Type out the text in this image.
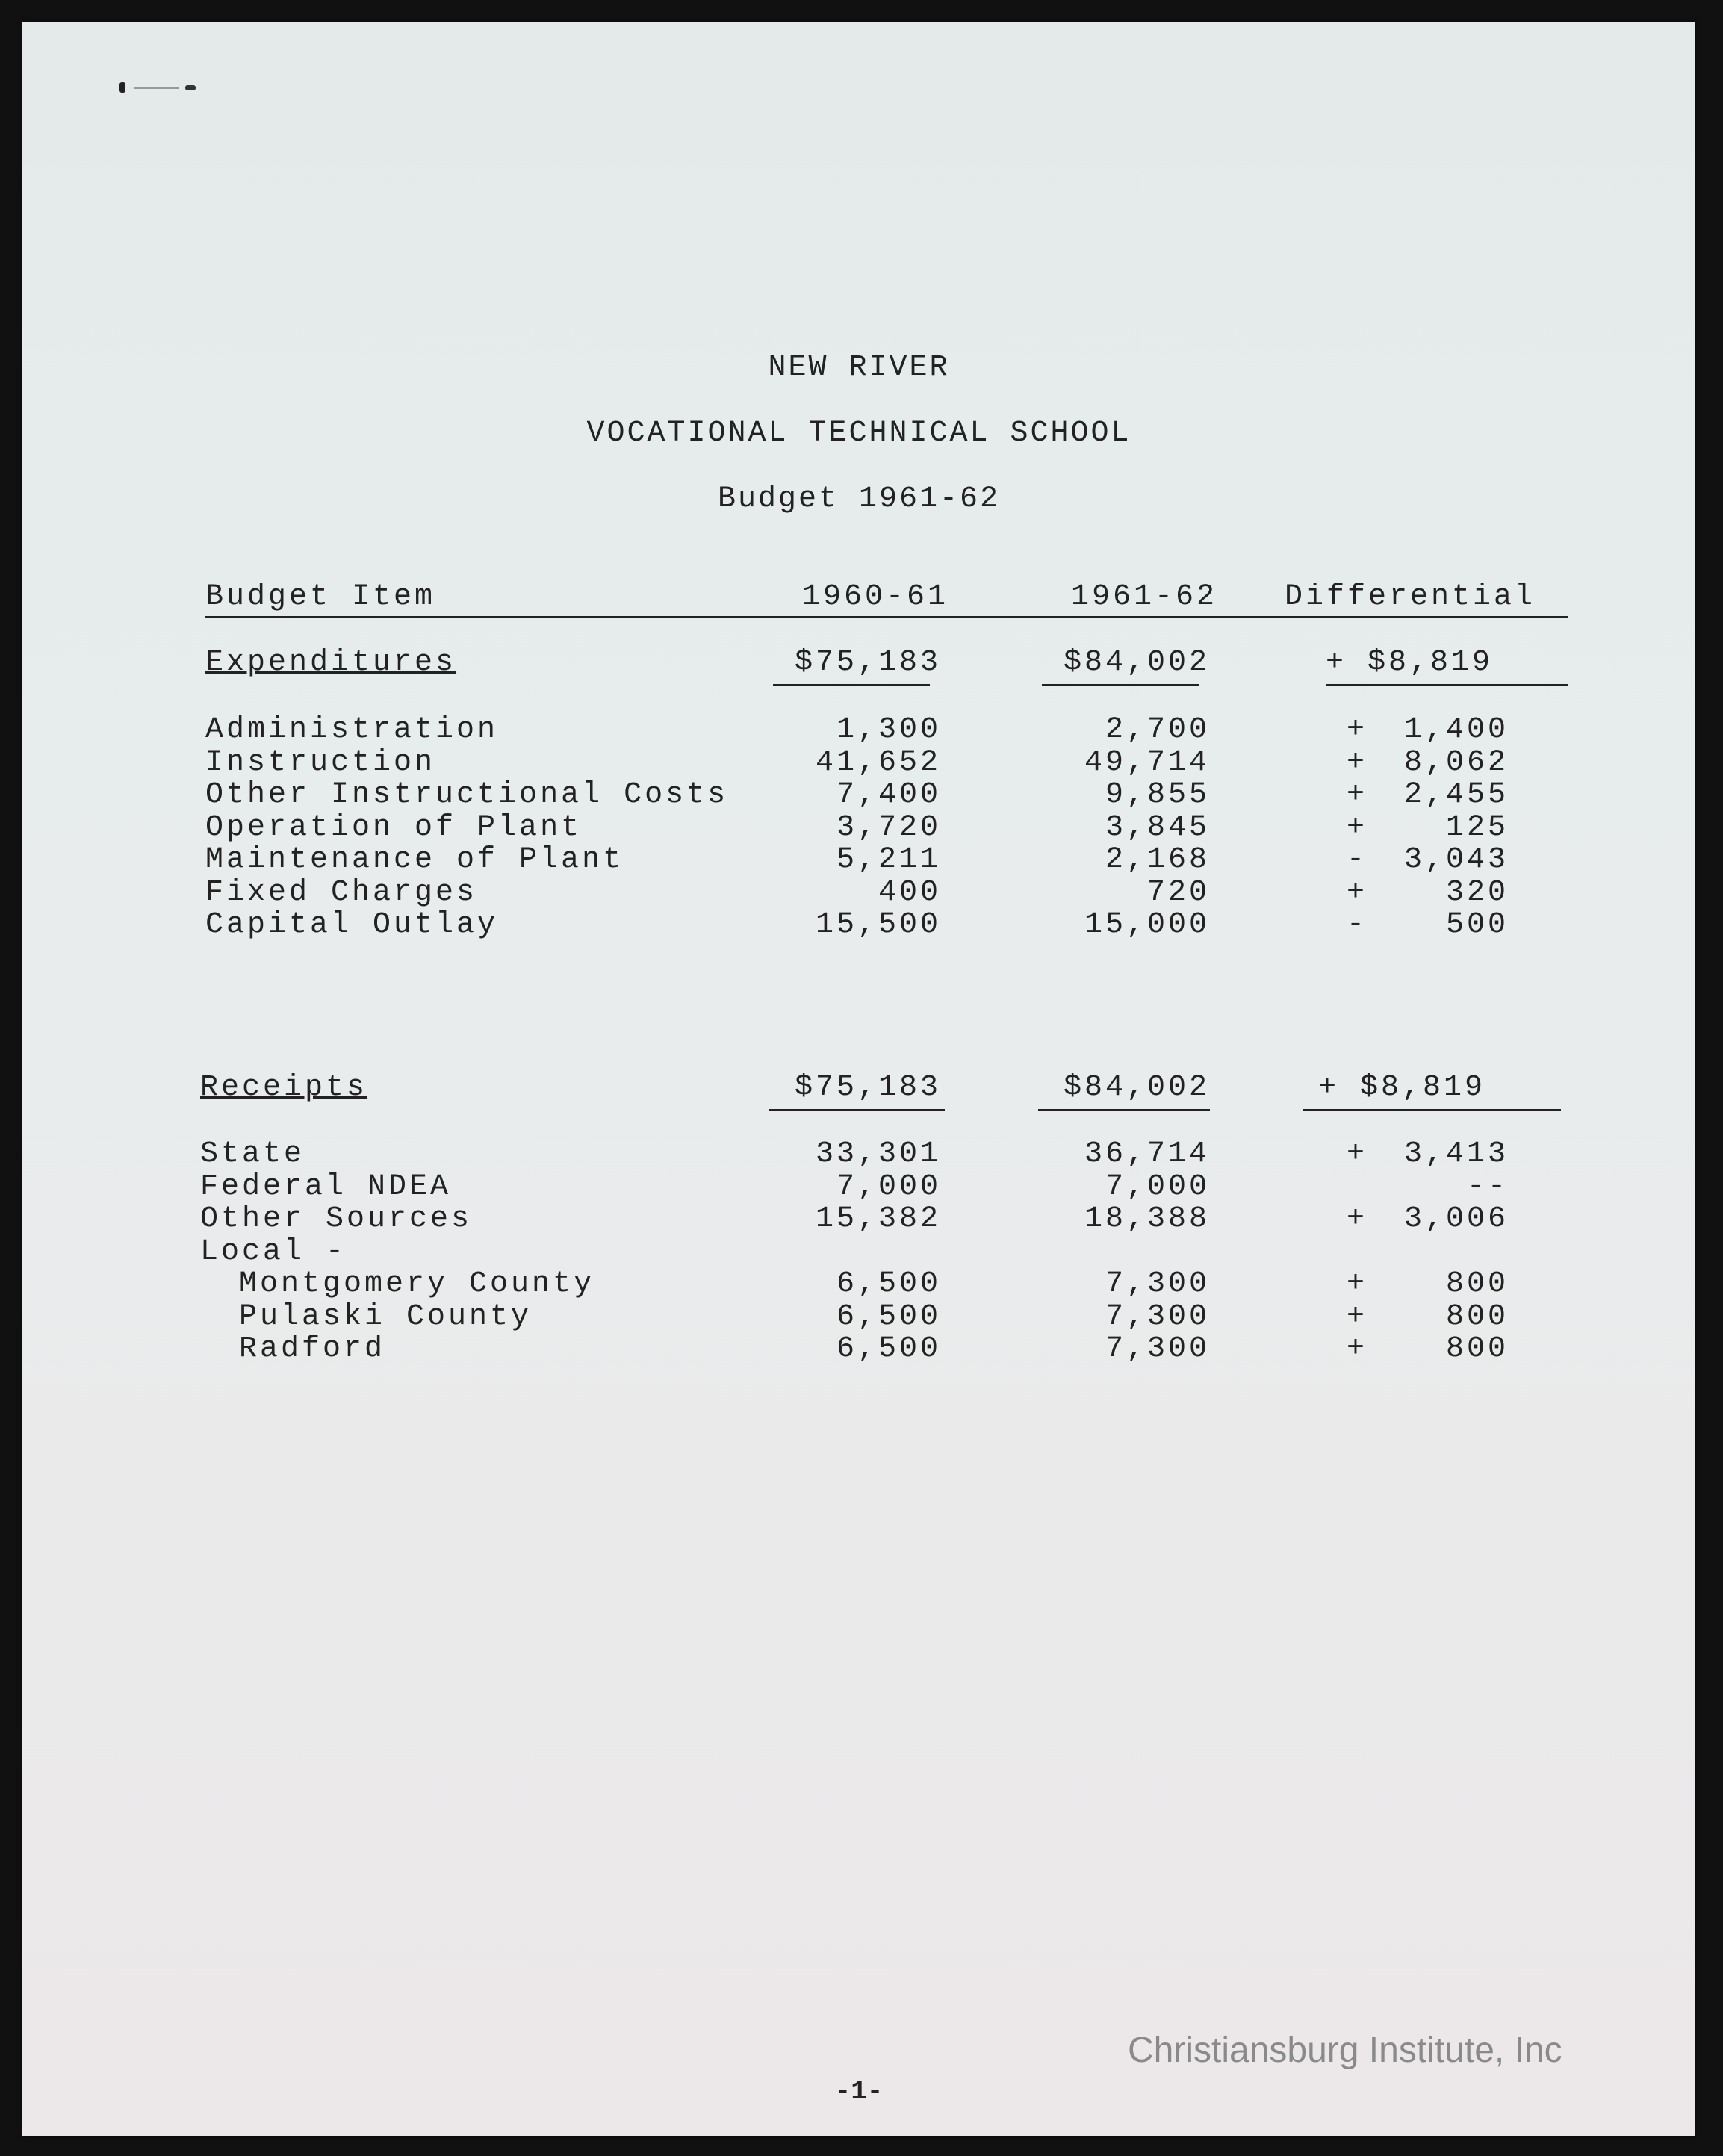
NEW RIVER
VOCATIONAL TECHNICAL SCHOOL
Budget 1961-62
Budget Item	1960-61	1961-62 Differential
Expenditures	$75,183	$84,002	+ $8,819
Administration	1,300	2,700	+	1,400
Instruction	41,652	49,714	+	8,062
Other Instructional Costs	7,400	9,855	+	2,455
Operation of Plant	3,720	3,845	+	125
Maintenance of Plant	5,211	2,168	-	3,043
Fixed Charges	400	720	+	320
Capital Outlay	15,500	15,000	-	500
Receipts	$75,183	$84,002	+ $8,819
State	33,301	36,714	+	3,413
Federal NDEA	7,000	7,000	--
Other Sources	15,382	18,388	+	3,006
Local -
Montgomery County	6,500	7,300	+	800
Pulaski County	6,500	7,300	+	800
Radford	6,500	7,300	+	800
-1-
Christiansburg Institute, Inc
